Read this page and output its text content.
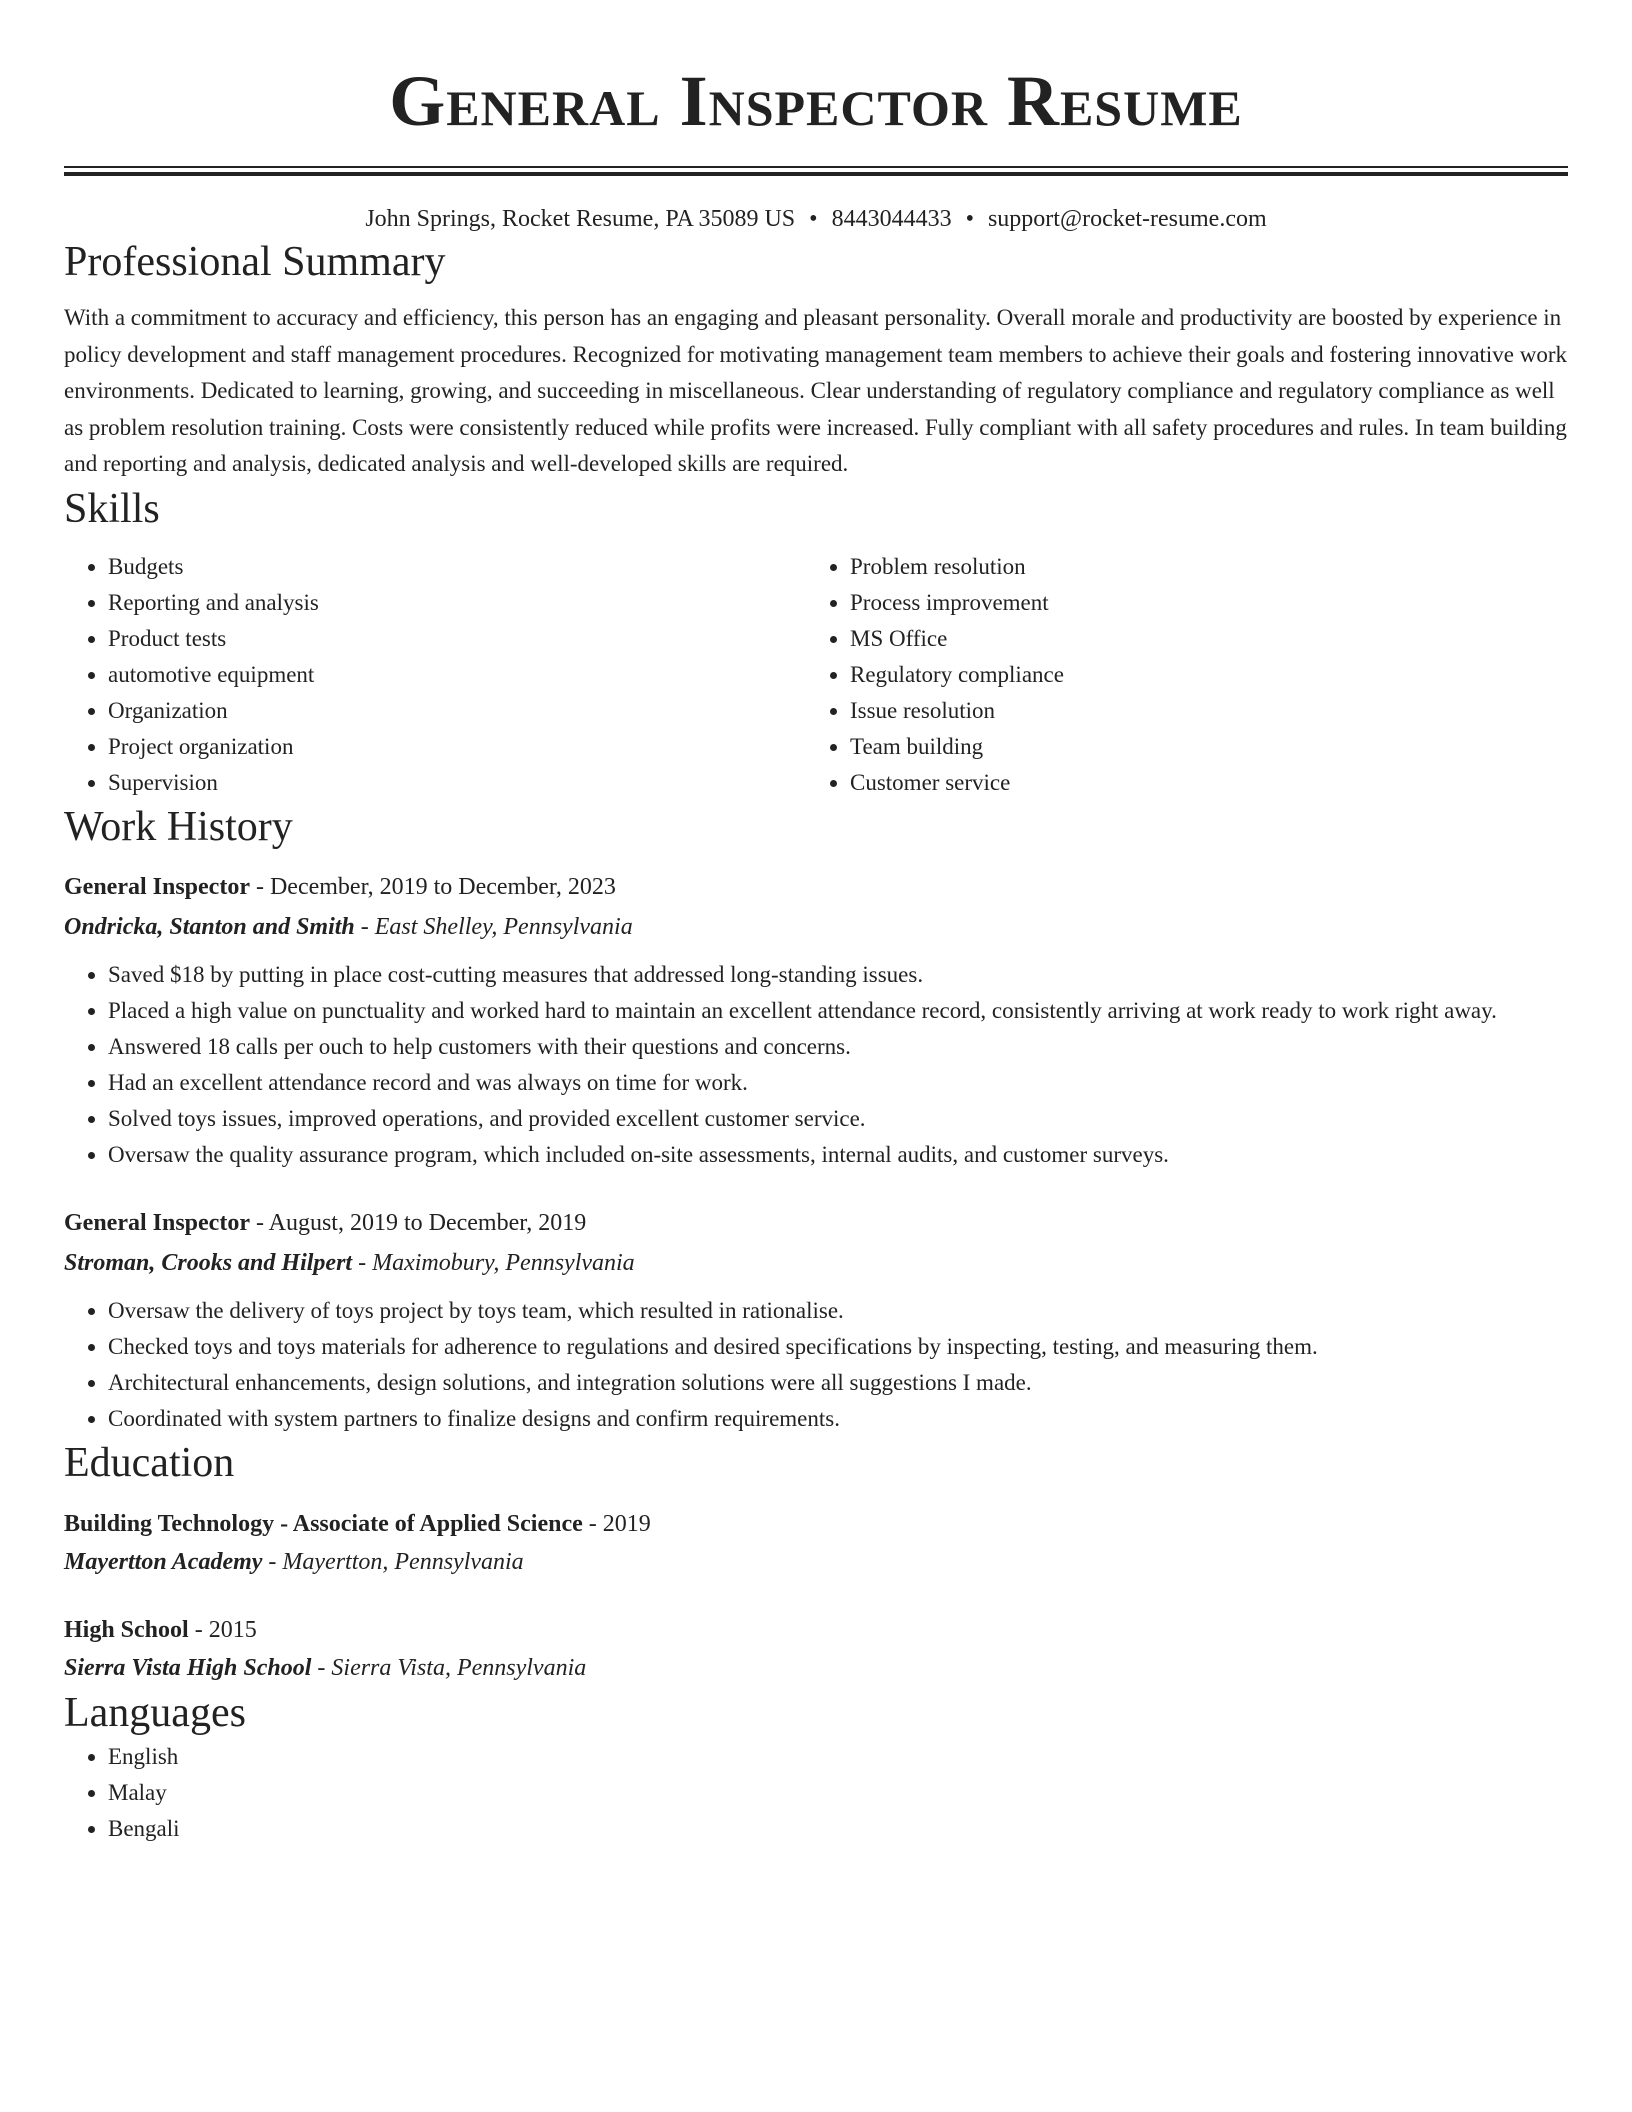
General Inspector Resume
John Springs, Rocket Resume, PA 35089 US • 8443044433 • support@rocket-resume.com
Professional Summary

With a commitment to accuracy and efficiency, this person has an engaging and pleasant personality. Overall morale and productivity are boosted by experience in policy development and staff management procedures. Recognized for motivating management team members to achieve their goals and fostering innovative work environments. Dedicated to learning, growing, and succeeding in miscellaneous. Clear understanding of regulatory compliance and regulatory compliance as well as problem resolution training. Costs were consistently reduced while profits were increased. Fully compliant with all safety procedures and rules. In team building and reporting and analysis, dedicated analysis and well-developed skills are required.

Skills
• Budgets
• Reporting and analysis
• Product tests
• automotive equipment
• Organization
• Project organization
• Supervision
• Problem resolution
• Process improvement
• MS Office
• Regulatory compliance
• Issue resolution
• Team building
• Customer service
Work History
General Inspector - December, 2019 to December, 2023
Ondricka, Stanton and Smith - East Shelley, Pennsylvania
• Saved $18 by putting in place cost-cutting measures that addressed long-standing issues.
• Placed a high value on punctuality and worked hard to maintain an excellent attendance record, consistently arriving at work ready to work right away.
• Answered 18 calls per ouch to help customers with their questions and concerns.
• Had an excellent attendance record and was always on time for work.
• Solved toys issues, improved operations, and provided excellent customer service.
• Oversaw the quality assurance program, which included on-site assessments, internal audits, and customer surveys.
General Inspector - August, 2019 to December, 2019
Stroman, Crooks and Hilpert - Maximobury, Pennsylvania
• Oversaw the delivery of toys project by toys team, which resulted in rationalise.
• Checked toys and toys materials for adherence to regulations and desired specifications by inspecting, testing, and measuring them.
• Architectural enhancements, design solutions, and integration solutions were all suggestions I made.
• Coordinated with system partners to finalize designs and confirm requirements.
Education
Building Technology - Associate of Applied Science - 2019
Mayertton Academy - Mayertton, Pennsylvania
High School - 2015
Sierra Vista High School - Sierra Vista, Pennsylvania
Languages
• English
• Malay
• Bengali
